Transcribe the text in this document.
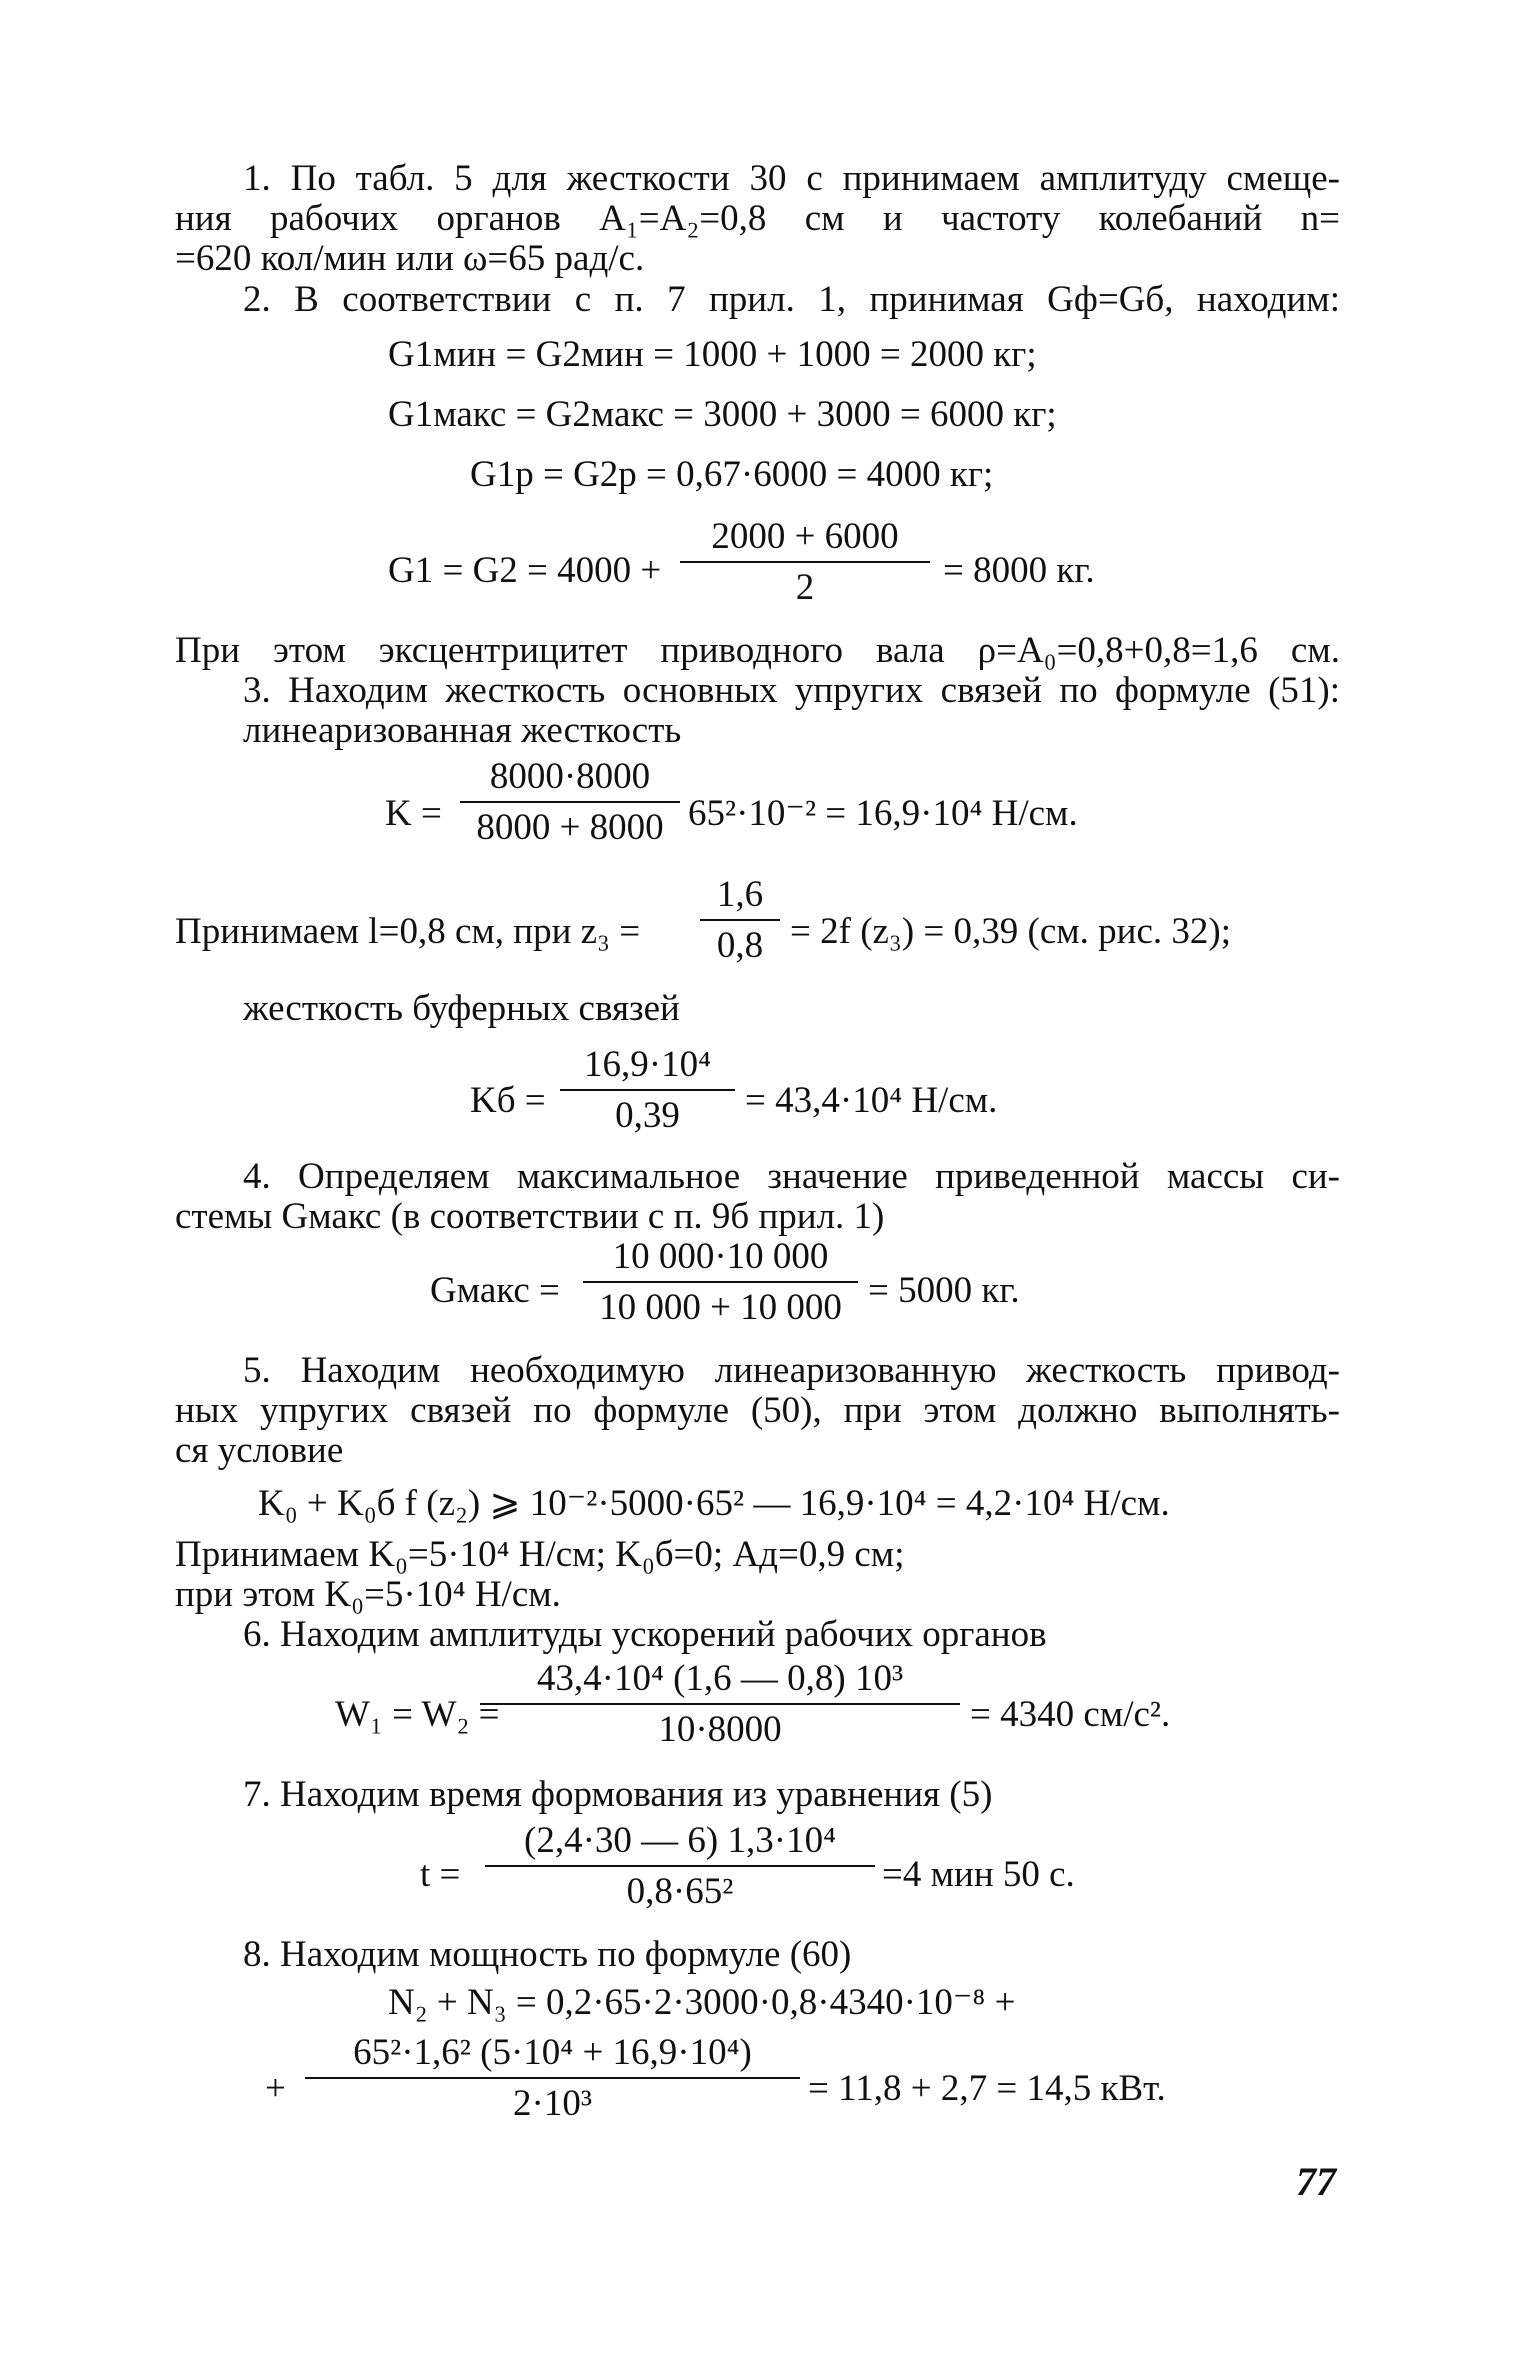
1. По табл. 5 для жесткости 30 с принимаем амплитуду смеще-
ния рабочих органов A₁=A₂=0,8 см и частоту колебаний n=
=620 кол/мин или ω=65 рад/с.
2. В соответствии с п. 7 прил. 1, принимая Gф=Gб, находим:
G1мин = G2мин = 1000 + 1000 = 2000 кг;
G1макс = G2макс = 3000 + 3000 = 6000 кг;
G1р = G2р = 0,67·6000 = 4000 кг;
G1 = G2 = 4000 +
2000 + 6000
2	= 8000 кг.
При этом эксцентрицитет приводного вала ρ=A₀=0,8+0,8=1,6 см.
3. Находим жесткость основных упругих связей по формуле (51):
линеаризованная жесткость
K =
8000·8000
8000 + 8000 65²·10⁻² = 16,9·10⁴ Н/см.
Принимаем l=0,8 см, при z₃ =
1,6
0,8 = 2f (z₃) = 0,39 (см. рис. 32);
жесткость буферных связей
Kб =
16,9·10⁴
0,39	= 43,4·10⁴ Н/см.
4. Определяем максимальное значение приведенной массы си-
стемы Gмакс (в соответствии с п. 9б прил. 1)
Gмакс =
10 000·10 000
10 000 + 10 000 = 5000 кг.
5. Находим необходимую линеаризованную жесткость привод-
ных упругих связей по формуле (50), при этом должно выполнять-
ся условие
K₀ + K₀б f (z₂) ⩾ 10⁻²·5000·65² — 16,9·10⁴ = 4,2·10⁴ Н/см.
Принимаем K₀=5·10⁴ Н/см; K₀б=0; Aд=0,9 см;
при этом K₀=5·10⁴ Н/см.
6. Находим амплитуды ускорений рабочих органов
W₁ = W₂ =
43,4·10⁴ (1,6 — 0,8) 10³
10·8000	= 4340 см/с².
7. Находим время формования из уравнения (5)
t =
(2,4·30 — 6) 1,3·10⁴
0,8·65²	=4 мин 50 с.
8. Находим мощность по формуле (60)
N₂ + N₃ = 0,2·65·2·3000·0,8·4340·10⁻⁸ +
+
65²·1,6² (5·10⁴ + 16,9·10⁴)
2·10³	= 11,8 + 2,7 = 14,5 кВт.
77
